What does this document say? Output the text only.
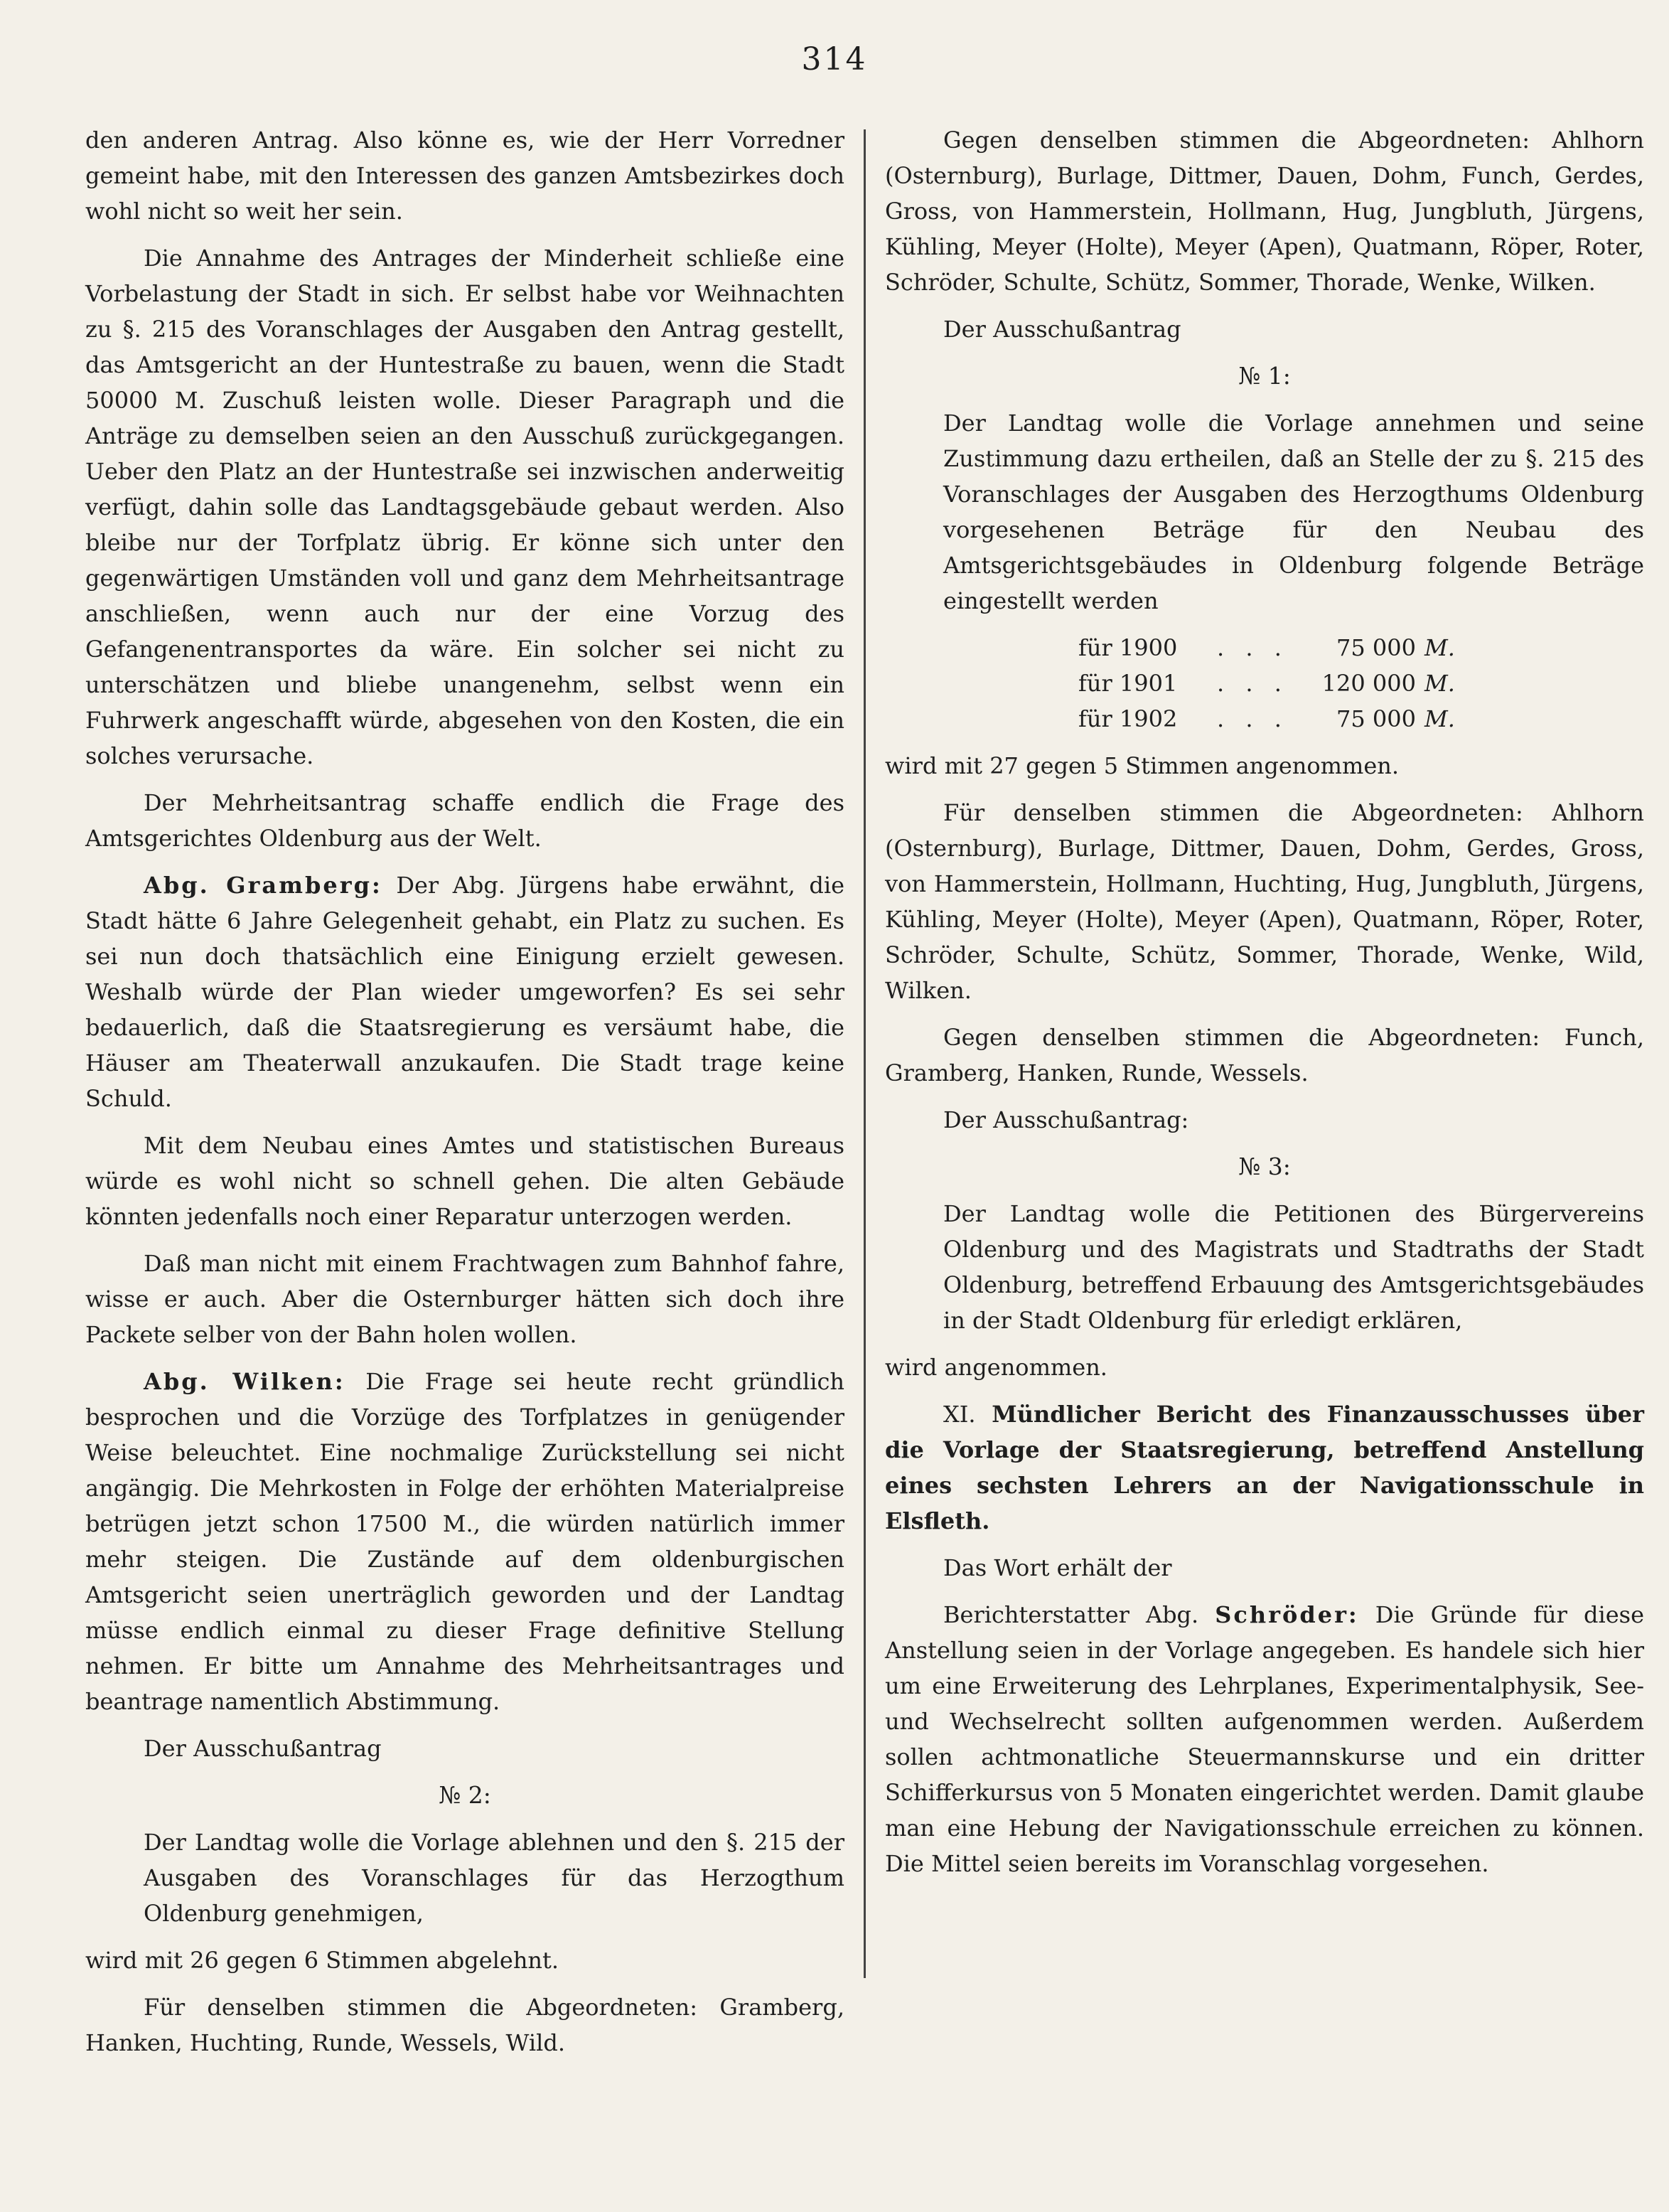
314

den anderen Antrag. Also könne es, wie der Herr Vorredner gemeint habe, mit den Interessen des ganzen Amtsbezirkes doch wohl nicht so weit her sein.

Die Annahme des Antrages der Minderheit schließe eine Vorbelastung der Stadt in sich. Er selbst habe vor Weihnachten zu §. 215 des Voranschlages der Ausgaben den Antrag gestellt, das Amtsgericht an der Huntestraße zu bauen, wenn die Stadt 50000 M. Zuschuß leisten wolle. Dieser Paragraph und die Anträge zu demselben seien an den Ausschuß zurückgegangen. Ueber den Platz an der Huntestraße sei inzwischen anderweitig verfügt, dahin solle das Landtagsgebäude gebaut werden. Also bleibe nur der Torfplatz übrig. Er könne sich unter den gegenwärtigen Umständen voll und ganz dem Mehrheitsantrage anschließen, wenn auch nur der eine Vorzug des Gefangenentransportes da wäre. Ein solcher sei nicht zu unterschätzen und bliebe unangenehm, selbst wenn ein Fuhrwerk angeschafft würde, abgesehen von den Kosten, die ein solches verursache.

Der Mehrheitsantrag schaffe endlich die Frage des Amtsgerichtes Oldenburg aus der Welt.

Abg. Gramberg: Der Abg. Jürgens habe erwähnt, die Stadt hätte 6 Jahre Gelegenheit gehabt, ein Platz zu suchen. Es sei nun doch thatsächlich eine Einigung erzielt gewesen. Weshalb würde der Plan wieder umgeworfen? Es sei sehr bedauerlich, daß die Staatsregierung es versäumt habe, die Häuser am Theaterwall anzukaufen. Die Stadt trage keine Schuld.

Mit dem Neubau eines Amtes und statistischen Bureaus würde es wohl nicht so schnell gehen. Die alten Gebäude könnten jedenfalls noch einer Reparatur unterzogen werden.

Daß man nicht mit einem Frachtwagen zum Bahnhof fahre, wisse er auch. Aber die Osternburger hätten sich doch ihre Packete selber von der Bahn holen wollen.

Abg. Wilken: Die Frage sei heute recht gründlich besprochen und die Vorzüge des Torfplatzes in genügender Weise beleuchtet. Eine nochmalige Zurückstellung sei nicht angängig. Die Mehrkosten in Folge der erhöhten Materialpreise betrügen jetzt schon 17500 M., die würden natürlich immer mehr steigen. Die Zustände auf dem oldenburgischen Amtsgericht seien unerträglich geworden und der Landtag müsse endlich einmal zu dieser Frage definitive Stellung nehmen. Er bitte um Annahme des Mehrheitsantrages und beantrage namentlich Abstimmung.

Der Ausschußantrag

№ 2:

Der Landtag wolle die Vorlage ablehnen und den §. 215 der Ausgaben des Voranschlages für das Herzogthum Oldenburg genehmigen,

wird mit 26 gegen 6 Stimmen abgelehnt.

Für denselben stimmen die Abgeordneten: Gramberg, Hanken, Huchting, Runde, Wessels, Wild.

Gegen denselben stimmen die Abgeordneten: Ahlhorn (Osternburg), Burlage, Dittmer, Dauen, Dohm, Funch, Gerdes, Gross, von Hammerstein, Hollmann, Hug, Jungbluth, Jürgens, Kühling, Meyer (Holte), Meyer (Apen), Quatmann, Röper, Roter, Schröder, Schulte, Schütz, Sommer, Thorade, Wenke, Wilken.

Der Ausschußantrag

№ 1:

Der Landtag wolle die Vorlage annehmen und seine Zustimmung dazu ertheilen, daß an Stelle der zu §. 215 des Voranschlages der Ausgaben des Herzogthums Oldenburg vorgesehenen Beträge für den Neubau des Amtsgerichtsgebäudes in Oldenburg folgende Beträge eingestellt werden

für 1900	. . .	75 000 M.
für 1901	. . .	120 000 M.
für 1902	. . .	75 000 M.

wird mit 27 gegen 5 Stimmen angenommen.

Für denselben stimmen die Abgeordneten: Ahlhorn (Osternburg), Burlage, Dittmer, Dauen, Dohm, Gerdes, Gross, von Hammerstein, Hollmann, Huchting, Hug, Jungbluth, Jürgens, Kühling, Meyer (Holte), Meyer (Apen), Quatmann, Röper, Roter, Schröder, Schulte, Schütz, Sommer, Thorade, Wenke, Wild, Wilken.

Gegen denselben stimmen die Abgeordneten: Funch, Gramberg, Hanken, Runde, Wessels.

Der Ausschußantrag:

№ 3:

Der Landtag wolle die Petitionen des Bürgervereins Oldenburg und des Magistrats und Stadtraths der Stadt Oldenburg, betreffend Erbauung des Amtsgerichtsgebäudes in der Stadt Oldenburg für erledigt erklären,

wird angenommen.

XI. Mündlicher Bericht des Finanzausschusses über die Vorlage der Staatsregierung, betreffend Anstellung eines sechsten Lehrers an der Navigationsschule in Elsfleth.

Das Wort erhält der

Berichterstatter Abg. Schröder: Die Gründe für diese Anstellung seien in der Vorlage angegeben. Es handele sich hier um eine Erweiterung des Lehrplanes, Experimentalphysik, See- und Wechselrecht sollten aufgenommen werden. Außerdem sollen achtmonatliche Steuermannskurse und ein dritter Schifferkursus von 5 Monaten eingerichtet werden. Damit glaube man eine Hebung der Navigationsschule erreichen zu können. Die Mittel seien bereits im Voranschlag vorgesehen.
